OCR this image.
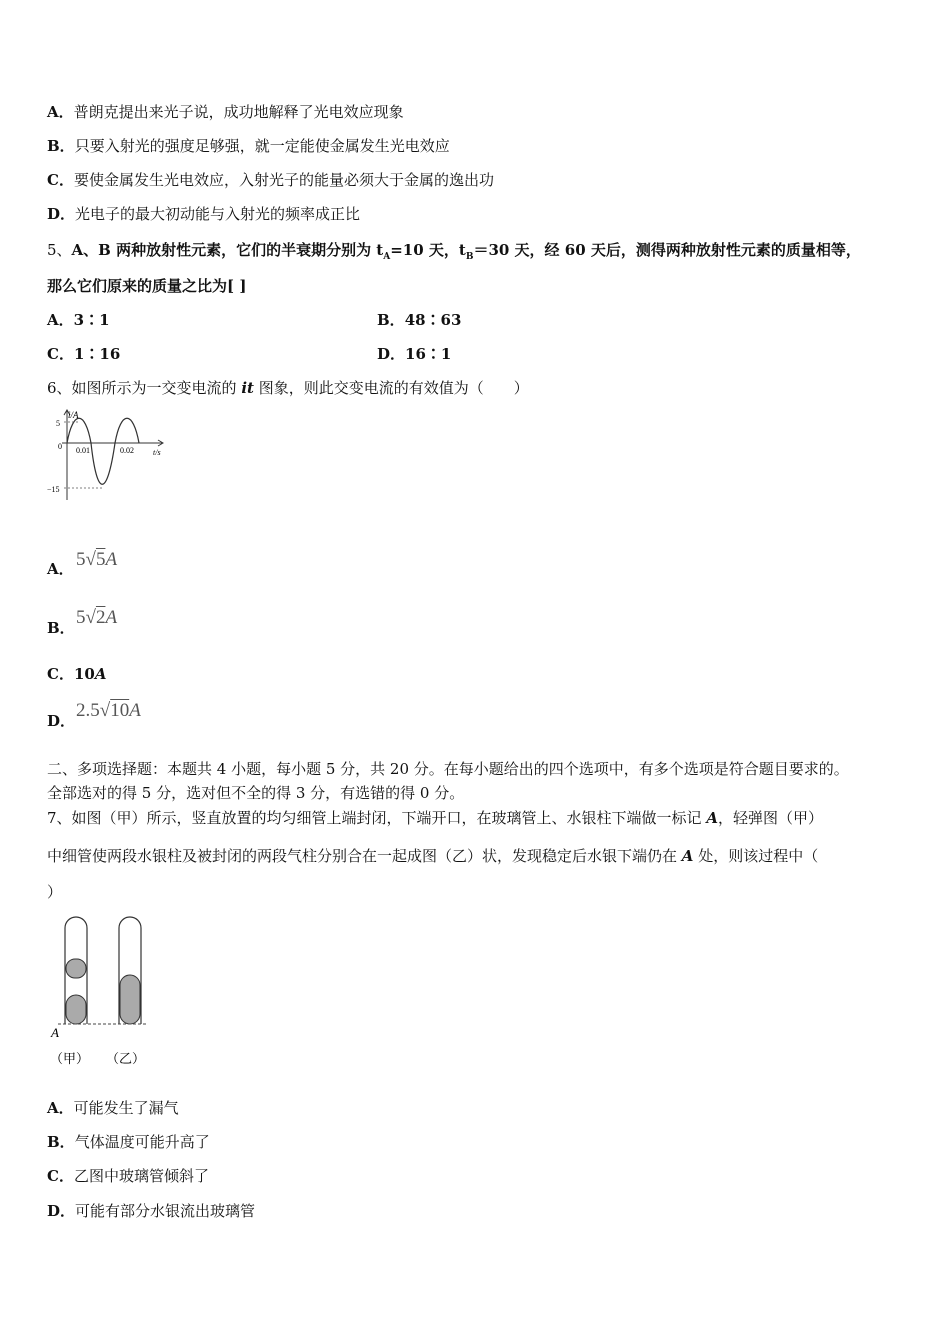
A．普朗克提出来光子说，成功地解释了光电效应现象
B．只要入射光的强度足够强，就一定能使金属发生光电效应
C．要使金属发生光电效应，入射光子的能量必须大于金属的逸出功
D．光电子的最大初动能与入射光的频率成正比
5、A、B 两种放射性元素，它们的半衰期分别为 $t_A=10$ 天，$t_B=30$ 天，经 60 天后，测得两种放射性元素的质量相等，
那么它们原来的质量之比为[ ]
A．3∶1	B．48∶63
C．1∶16	D．16∶1
6、如图所示为一交变电流的 it 图象，则此交变电流的有效值为（　　）
i/A
t/s
5
0
−15
0.01	0.02
A． 5√5A
B． 5√2A
C．10A
D． 2.5√10A
二、多项选择题：本题共 4 小题，每小题 5 分，共 20 分。在每小题给出的四个选项中，有多个选项是符合题目要求的。
全部选对的得 5 分，选对但不全的得 3 分，有选错的得 0 分。
7、如图（甲）所示，竖直放置的均匀细管上端封闭，下端开口，在玻璃管上、水银柱下端做一标记 A，轻弹图（甲）
中细管使两段水银柱及被封闭的两段气柱分别合在一起成图（乙）状，发现稳定后水银下端仍在 A 处，则该过程中（
）
A
（甲） （乙）
A．可能发生了漏气
B．气体温度可能升高了
C．乙图中玻璃管倾斜了
D．可能有部分水银流出玻璃管
